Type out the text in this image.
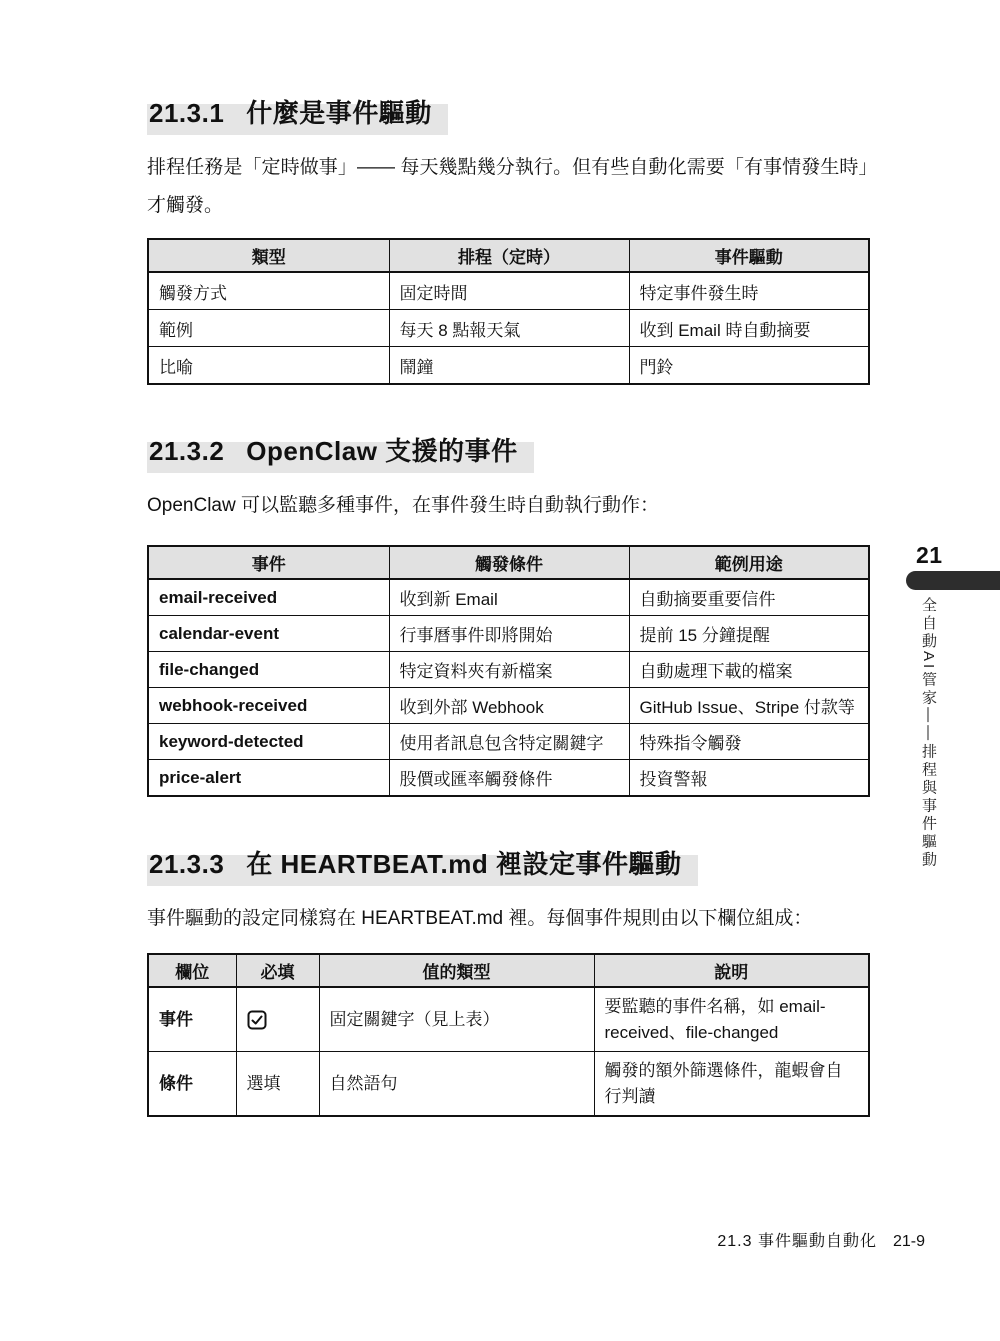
21.3.1 什麼是事件驅動

排程任務是「定時做事」—— 每天幾點幾分執行。但有些自動化需要「有事情發生時」才觸發。

類型	排程（定時）	事件驅動
觸發方式	固定時間	特定事件發生時
範例	每天 8 點報天氣	收到 Email 時自動摘要
比喻	鬧鐘	門鈴
21.3.2 OpenClaw 支援的事件

OpenClaw 可以監聽多種事件，在事件發生時自動執行動作：

事件	觸發條件	範例用途
email-received	收到新 Email	自動摘要重要信件
calendar-event	行事曆事件即將開始	提前 15 分鐘提醒
file-changed	特定資料夾有新檔案	自動處理下載的檔案
webhook-received	收到外部 Webhook	GitHub Issue、Stripe 付款等
keyword-detected	使用者訊息包含特定關鍵字	特殊指令觸發
price-alert	股價或匯率觸發條件	投資警報
21.3.3 在 HEARTBEAT.md 裡設定事件驅動

事件驅動的設定同樣寫在 HEARTBEAT.md 裡。每個事件規則由以下欄位組成：

欄位	必填	值的類型	說明
事件		固定關鍵字（見上表）	要監聽的事件名稱，如 email-received、file-changed
條件	選填	自然語句	觸發的額外篩選條件，龍蝦會自行判讀
21
全自動AI管家——排程與事件驅動
21.3 事件驅動自動化 21-9
